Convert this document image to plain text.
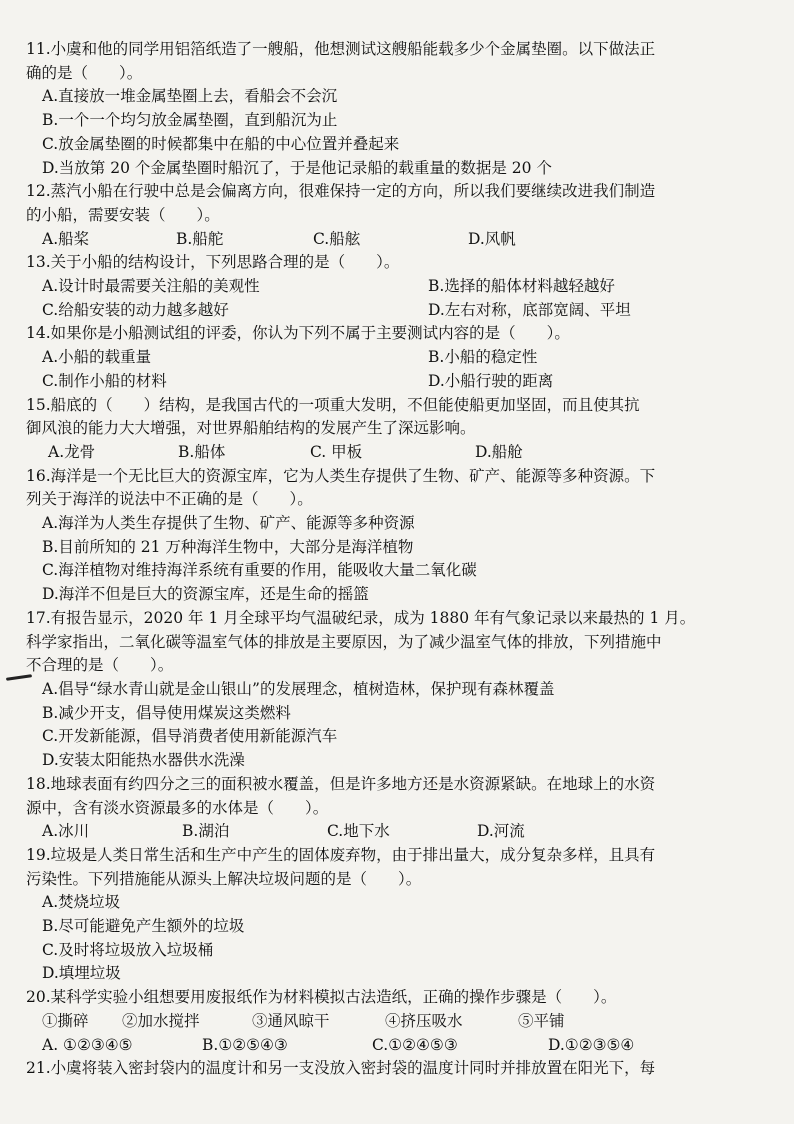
11.小虞和他的同学用铝箔纸造了一艘船，他想测试这艘船能载多少个金属垫圈。以下做法正
确的是（　　）。
A.直接放一堆金属垫圈上去，看船会不会沉
B.一个一个均匀放金属垫圈，直到船沉为止
C.放金属垫圈的时候都集中在船的中心位置并叠起来
D.当放第 20 个金属垫圈时船沉了，于是他记录船的载重量的数据是 20 个
12.蒸汽小船在行驶中总是会偏离方向，很难保持一定的方向，所以我们要继续改进我们制造
的小船，需要安装（　　）。
A.船桨	B.船舵	C.船舷	D.风帆
13.关于小船的结构设计，下列思路合理的是（　　）。
A.设计时最需要关注船的美观性	B.选择的船体材料越轻越好
C.给船安装的动力越多越好	D.左右对称，底部宽阔、平坦
14.如果你是小船测试组的评委，你认为下列不属于主要测试内容的是（　　）。
A.小船的载重量	B.小船的稳定性
C.制作小船的材料	D.小船行驶的距离
15.船底的（　　）结构，是我国古代的一项重大发明，不但能使船更加坚固，而且使其抗
御风浪的能力大大增强，对世界船舶结构的发展产生了深远影响。
A.龙骨	B.船体	C. 甲板	D.船舱
16.海洋是一个无比巨大的资源宝库，它为人类生存提供了生物、矿产、能源等多种资源。下
列关于海洋的说法中不正确的是（　　）。
A.海洋为人类生存提供了生物、矿产、能源等多种资源
B.目前所知的 21 万种海洋生物中，大部分是海洋植物
C.海洋植物对维持海洋系统有重要的作用，能吸收大量二氧化碳
D.海洋不但是巨大的资源宝库，还是生命的摇篮
17.有报告显示，2020 年 1 月全球平均气温破纪录，成为 1880 年有气象记录以来最热的 1 月。
科学家指出，二氧化碳等温室气体的排放是主要原因，为了减少温室气体的排放，下列措施中
不合理的是（　　）。
A.倡导“绿水青山就是金山银山”的发展理念，植树造林，保护现有森林覆盖
B.减少开支，倡导使用煤炭这类燃料
C.开发新能源，倡导消费者使用新能源汽车
D.安装太阳能热水器供水洗澡
18.地球表面有约四分之三的面积被水覆盖，但是许多地方还是水资源紧缺。在地球上的水资
源中，含有淡水资源最多的水体是（　　）。
A.冰川	B.湖泊	C.地下水	D.河流
19.垃圾是人类日常生活和生产中产生的固体废弃物，由于排出量大，成分复杂多样，且具有
污染性。下列措施能从源头上解决垃圾问题的是（　　）。
A.焚烧垃圾
B.尽可能避免产生额外的垃圾
C.及时将垃圾放入垃圾桶
D.填埋垃圾
20.某科学实验小组想要用废报纸作为材料模拟古法造纸，正确的操作步骤是（　　）。
①撕碎	②加水搅拌	③通风晾干	④挤压吸水	⑤平铺
A. ①②③④⑤	B.①②⑤④③	C.①②④⑤③	D.①②③⑤④
21.小虞将装入密封袋内的温度计和另一支没放入密封袋的温度计同时并排放置在阳光下，每
